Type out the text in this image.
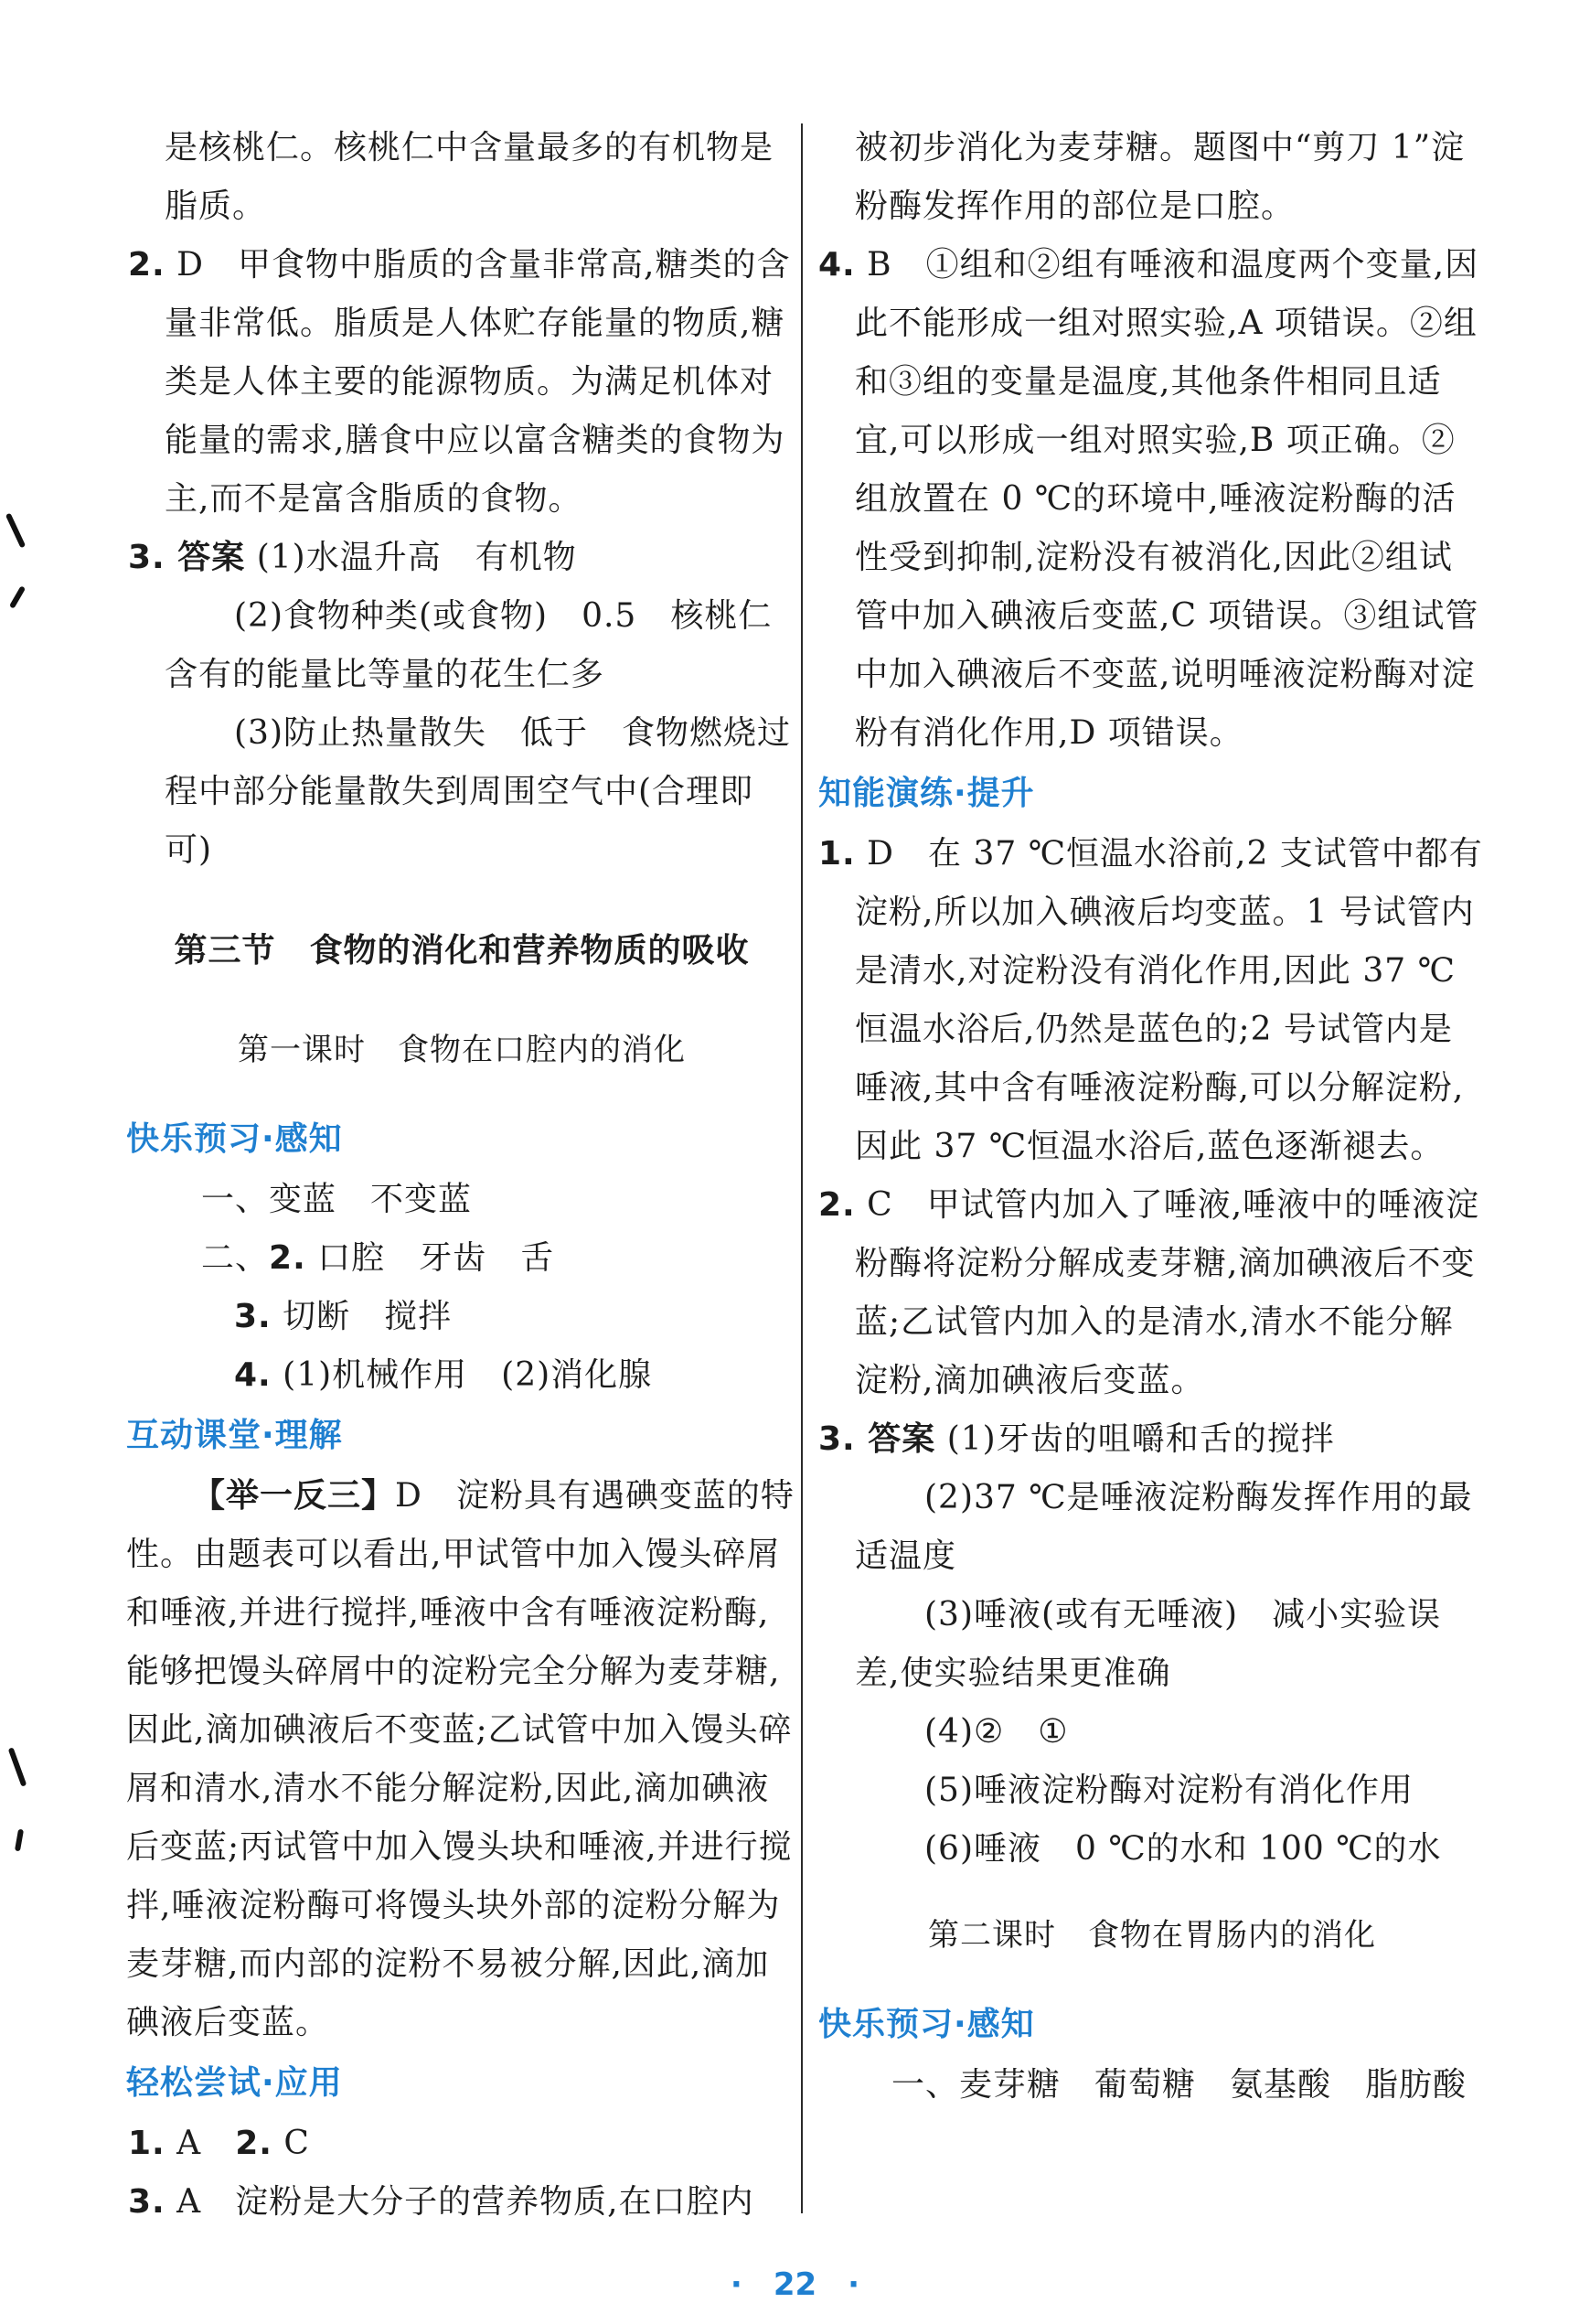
是核桃仁。核桃仁中含量最多的有机物是脂质。

2. D　甲食物中脂质的含量非常高,糖类的含量非常低。脂质是人体贮存能量的物质,糖类是人体主要的能源物质。为满足机体对能量的需求,膳食中应以富含糖类的食物为主,而不是富含脂质的食物。

3. 答案 (1)水温升高　有机物

(2)食物种类(或食物)　0.5　核桃仁含有的能量比等量的花生仁多

(3)防止热量散失　低于　食物燃烧过程中部分能量散失到周围空气中(合理即可)

第三节　食物的消化和营养物质的吸收

第一课时　食物在口腔内的消化

快乐预习·感知

一、变蓝　不变蓝

二、2. 口腔　牙齿　舌

3. 切断　搅拌

4. (1)机械作用　(2)消化腺

互动课堂·理解

【举一反三】D　淀粉具有遇碘变蓝的特性。由题表可以看出,甲试管中加入馒头碎屑和唾液,并进行搅拌,唾液中含有唾液淀粉酶,能够把馒头碎屑中的淀粉完全分解为麦芽糖,因此,滴加碘液后不变蓝;乙试管中加入馒头碎屑和清水,清水不能分解淀粉,因此,滴加碘液后变蓝;丙试管中加入馒头块和唾液,并进行搅拌,唾液淀粉酶可将馒头块外部的淀粉分解为麦芽糖,而内部的淀粉不易被分解,因此,滴加碘液后变蓝。

轻松尝试·应用

1. A　2. C

3. A　淀粉是大分子的营养物质,在口腔内

被初步消化为麦芽糖。题图中“剪刀 1”淀粉酶发挥作用的部位是口腔。

4. B　①组和②组有唾液和温度两个变量,因此不能形成一组对照实验,A 项错误。②组和③组的变量是温度,其他条件相同且适宜,可以形成一组对照实验,B 项正确。②组放置在 0 ℃的环境中,唾液淀粉酶的活性受到抑制,淀粉没有被消化,因此②组试管中加入碘液后变蓝,C 项错误。③组试管中加入碘液后不变蓝,说明唾液淀粉酶对淀粉有消化作用,D 项错误。

知能演练·提升

1. D　在 37 ℃恒温水浴前,2 支试管中都有淀粉,所以加入碘液后均变蓝。1 号试管内是清水,对淀粉没有消化作用,因此 37 ℃恒温水浴后,仍然是蓝色的;2 号试管内是唾液,其中含有唾液淀粉酶,可以分解淀粉,因此 37 ℃恒温水浴后,蓝色逐渐褪去。

2. C　甲试管内加入了唾液,唾液中的唾液淀粉酶将淀粉分解成麦芽糖,滴加碘液后不变蓝;乙试管内加入的是清水,清水不能分解淀粉,滴加碘液后变蓝。

3. 答案 (1)牙齿的咀嚼和舌的搅拌

(2)37 ℃是唾液淀粉酶发挥作用的最适温度

(3)唾液(或有无唾液)　减小实验误差,使实验结果更准确

(4)②　①

(5)唾液淀粉酶对淀粉有消化作用

(6)唾液　0 ℃的水和 100 ℃的水

第二课时　食物在胃肠内的消化

快乐预习·感知

一、麦芽糖　葡萄糖　氨基酸　脂肪酸

·　22　·
